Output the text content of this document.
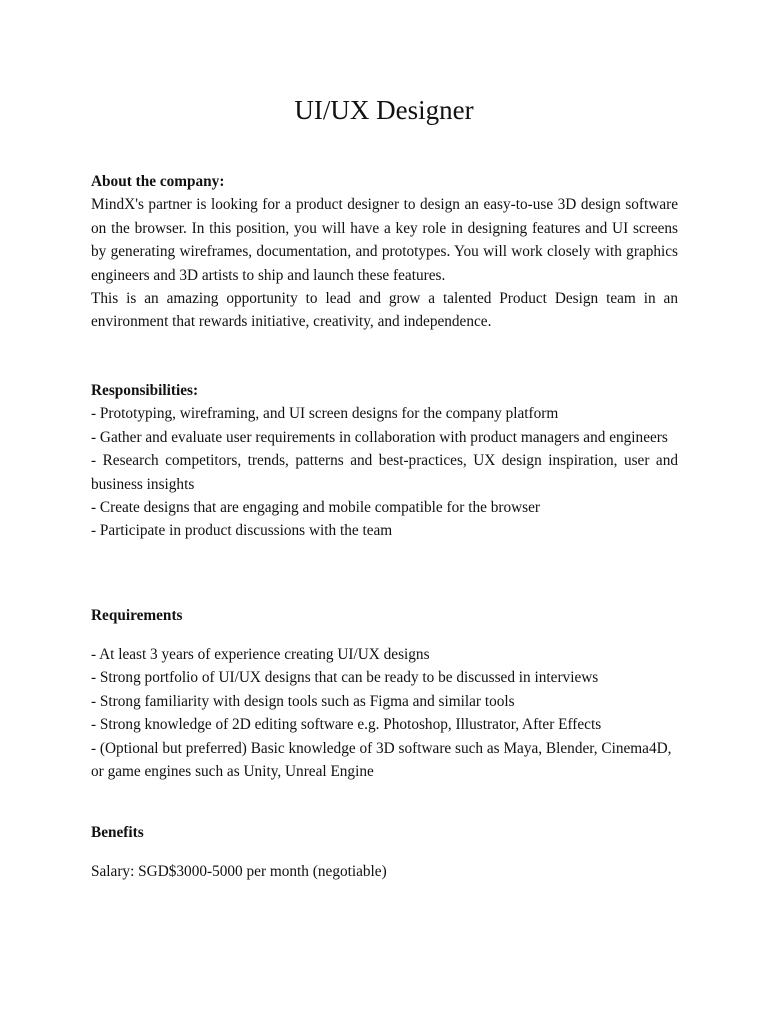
UI/UX Designer

About the company:

MindX's partner is looking for a product designer to design an easy-to-use 3D design software on the browser. In this position, you will have a key role in designing features and UI screens by generating wireframes, documentation, and prototypes. You will work closely with graphics engineers and 3D artists to ship and launch these features.

This is an amazing opportunity to lead and grow a talented Product Design team in an environment that rewards initiative, creativity, and independence.

Responsibilities:

- Prototyping, wireframing, and UI screen designs for the company platform
- Gather and evaluate user requirements in collaboration with product managers and engineers
- Research competitors, trends, patterns and best-practices, UX design inspiration, user and business insights
- Create designs that are engaging and mobile compatible for the browser
- Participate in product discussions with the team

Requirements

- At least 3 years of experience creating UI/UX designs
- Strong portfolio of UI/UX designs that can be ready to be discussed in interviews
- Strong familiarity with design tools such as Figma and similar tools
- Strong knowledge of 2D editing software e.g. Photoshop, Illustrator, After Effects
- (Optional but preferred) Basic knowledge of 3D software such as Maya, Blender, Cinema4D, or game engines such as Unity, Unreal Engine

Benefits

Salary: SGD$3000-5000 per month (negotiable)
